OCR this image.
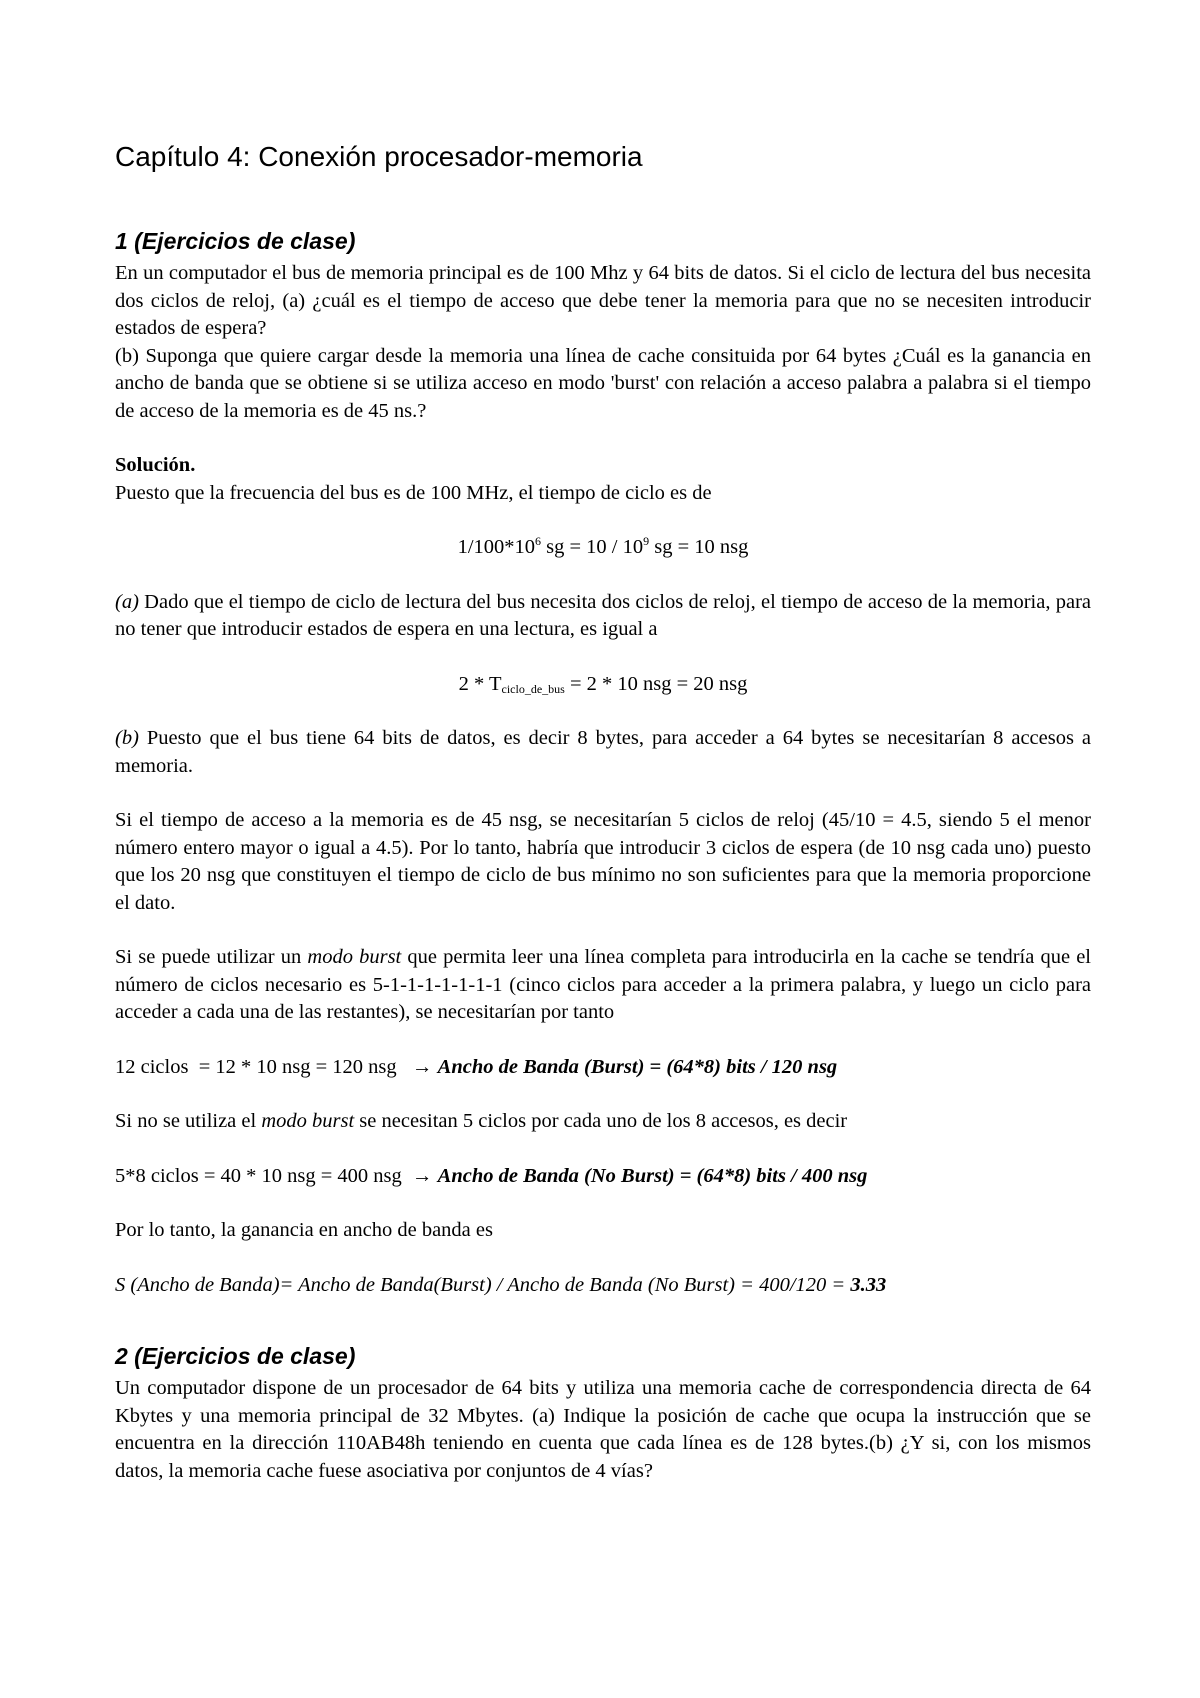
Capítulo 4: Conexión procesador-memoria
1 (Ejercicios de clase)

En un computador el bus de memoria principal es de 100 Mhz y 64 bits de datos. Si el ciclo de lectura del bus necesita dos ciclos de reloj, (a) ¿cuál es el tiempo de acceso que debe tener la memoria para que no se necesiten introducir estados de espera?

(b) Suponga que quiere cargar desde la memoria una línea de cache consituida por 64 bytes ¿Cuál es la ganancia en ancho de banda que se obtiene si se utiliza acceso en modo 'burst' con relación a acceso palabra a palabra si el tiempo de acceso de la memoria es de 45 ns.?

Solución.

Puesto que la frecuencia del bus es de 100 MHz, el tiempo de ciclo es de

$1/100*10^6$ sg = $10 / 10^9$ sg = 10 nsg

(a) Dado que el tiempo de ciclo de lectura del bus necesita dos ciclos de reloj, el tiempo de acceso de la memoria, para no tener que introducir estados de espera en una lectura, es igual a

$2 * T_{ciclo\_de\_bus} = 2 * 10$ nsg = 20 nsg

(b) Puesto que el bus tiene 64 bits de datos, es decir 8 bytes, para acceder a 64 bytes se necesitarían 8 accesos a memoria.

Si el tiempo de acceso a la memoria es de 45 nsg, se necesitarían 5 ciclos de reloj (45/10 = 4.5, siendo 5 el menor número entero mayor o igual a 4.5). Por lo tanto, habría que introducir 3 ciclos de espera (de 10 nsg cada uno) puesto que los 20 nsg que constituyen el tiempo de ciclo de bus mínimo no son suficientes para que la memoria proporcione el dato.

Si se puede utilizar un modo burst que permita leer una línea completa para introducirla en la cache se tendría que el número de ciclos necesario es 5-1-1-1-1-1-1-1 (cinco ciclos para acceder a la primera palabra, y luego un ciclo para acceder a cada una de las restantes), se necesitarían por tanto

12 ciclos  = 12 * 10 nsg = 120 nsg   → Ancho de Banda (Burst) = (64*8) bits / 120 nsg

Si no se utiliza el modo burst se necesitan 5 ciclos por cada uno de los 8 accesos, es decir

5*8 ciclos = 40 * 10 nsg = 400 nsg  → Ancho de Banda (No Burst) = (64*8) bits / 400 nsg

Por lo tanto, la ganancia en ancho de banda es

S (Ancho de Banda)= Ancho de Banda(Burst) / Ancho de Banda (No Burst) = 400/120 = 3.33

2 (Ejercicios de clase)

Un computador dispone de un procesador de 64 bits y utiliza una memoria cache de correspondencia directa de 64 Kbytes y una memoria principal de 32 Mbytes. (a) Indique la posición de cache que ocupa la instrucción que se encuentra en la dirección 110AB48h teniendo en cuenta que cada línea es de 128 bytes.(b) ¿Y si, con los mismos datos, la memoria cache fuese asociativa por conjuntos de 4 vías?
